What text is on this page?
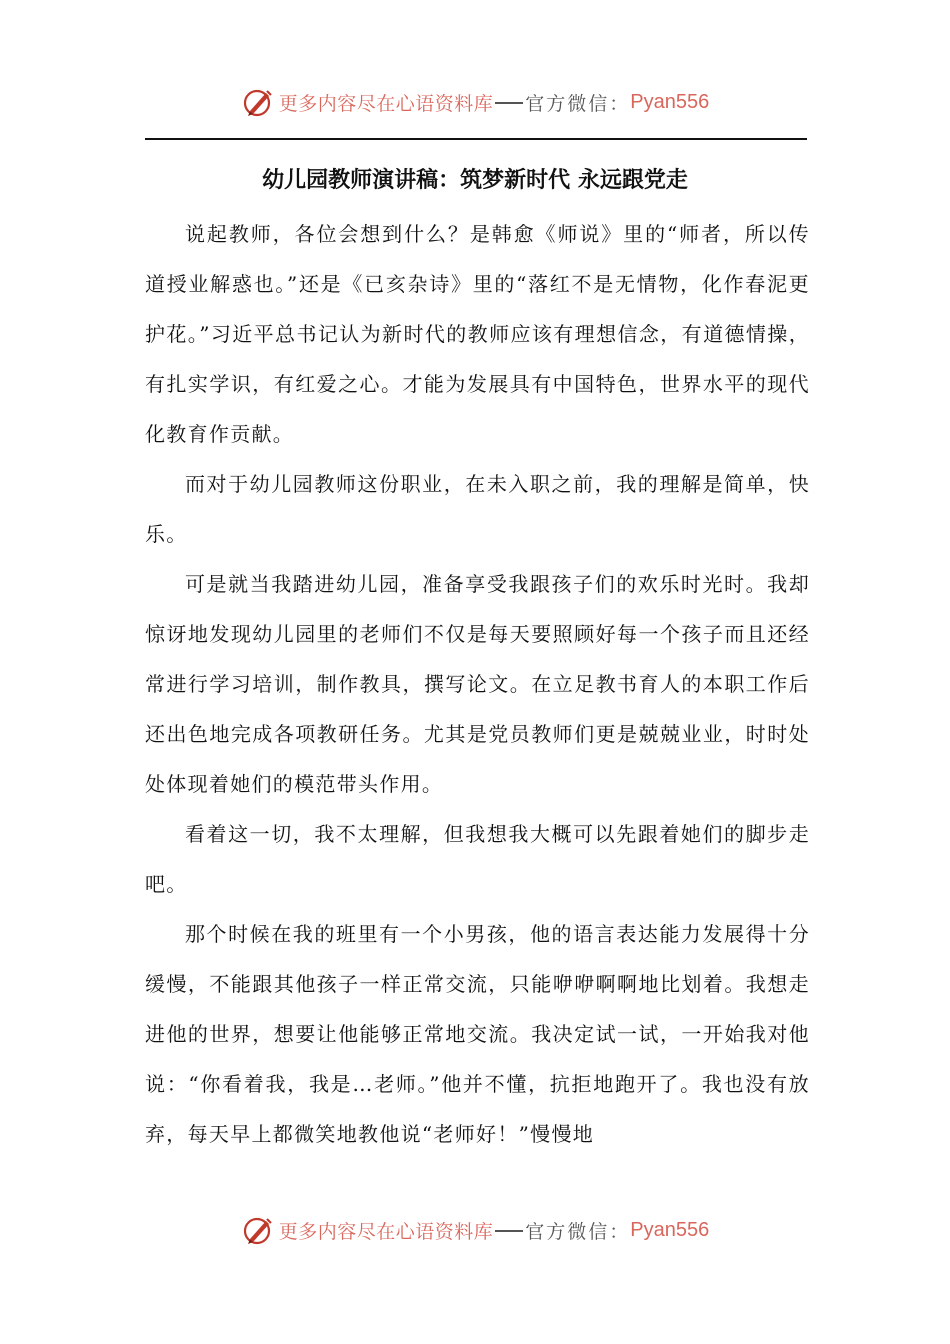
更多内容尽在心语资料库 官方微信： Pyan556
幼儿园教师演讲稿：筑梦新时代 永远跟党走

说起教师，各位会想到什么？是韩愈《师说》里的“师者，所以传道授业解惑也。”还是《已亥杂诗》里的“落红不是无情物，化作春泥更护花。”习近平总书记认为新时代的教师应该有理想信念，有道德情操，有扎实学识，有红爱之心。才能为发展具有中国特色，世界水平的现代化教育作贡献。

而对于幼儿园教师这份职业，在未入职之前，我的理解是简单，快乐。

可是就当我踏进幼儿园，准备享受我跟孩子们的欢乐时光时。我却惊讶地发现幼儿园里的老师们不仅是每天要照顾好每一个孩子而且还经常进行学习培训，制作教具，撰写论文。在立足教书育人的本职工作后还出色地完成各项教研任务。尤其是党员教师们更是兢兢业业，时时处处体现着她们的模范带头作用。

看着这一切，我不太理解，但我想我大概可以先跟着她们的脚步走吧。

那个时候在我的班里有一个小男孩，他的语言表达能力发展得十分缓慢，不能跟其他孩子一样正常交流，只能咿咿啊啊地比划着。我想走进他的世界，想要让他能够正常地交流。我决定试一试，一开始我对他说：“你看着我，我是…老师。”他并不懂，抗拒地跑开了。我也没有放弃，每天早上都微笑地教他说“老师好！”慢慢地

更多内容尽在心语资料库 官方微信： Pyan556
